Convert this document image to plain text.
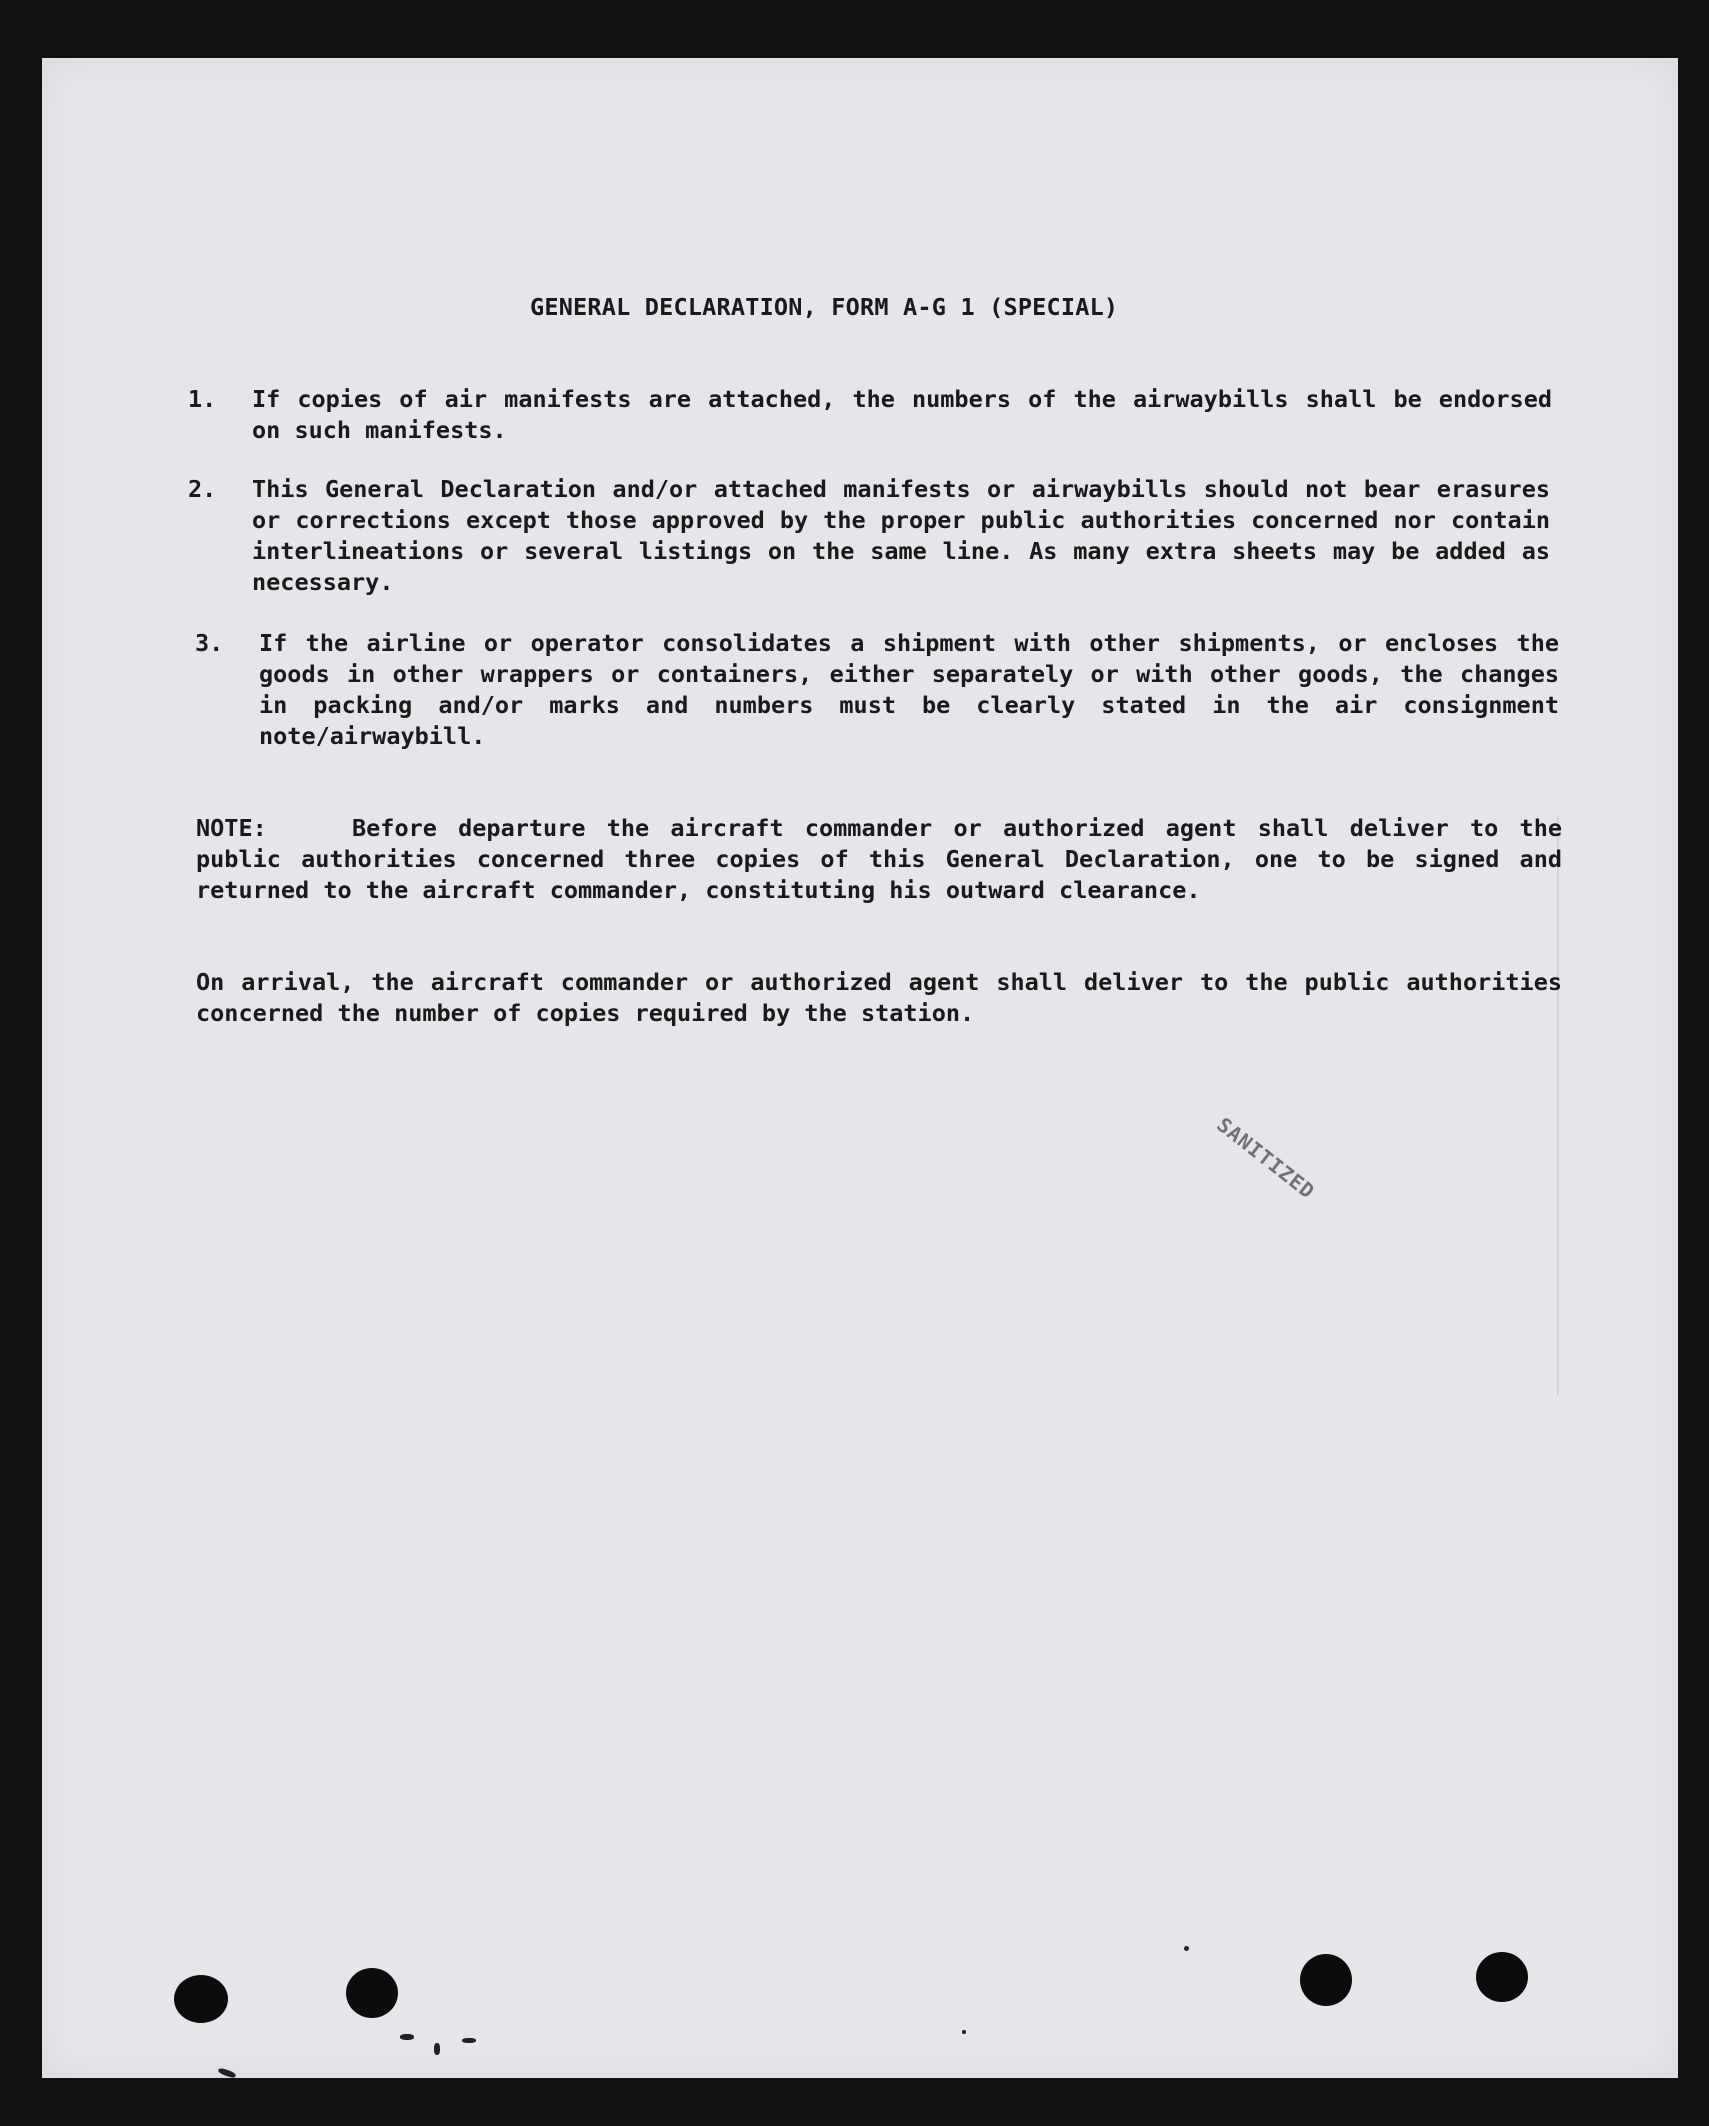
GENERAL DECLARATION, FORM A-G 1 (SPECIAL)
1.	If copies of air manifests are attached, the numbers of the airwaybills shall be endorsed on such manifests.
2.	This General Declaration and/or attached manifests or airwaybills should not bear erasures or corrections except those approved by the proper public authorities concerned nor contain interlineations or several listings on the same line. As many extra sheets may be added as necessary.
3.	If the airline or operator consolidates a shipment with other shipments, or encloses the goods in other wrappers or containers, either separately or with other goods, the changes in packing and/or marks and numbers must be clearly stated in the air consignment note/airwaybill.
NOTE:	Before departure the aircraft commander or authorized agent shall deliver to the public authorities concerned three copies of this General Declaration, one to be signed and returned to the aircraft commander, constituting his outward clearance.
On arrival, the aircraft commander or authorized agent shall deliver to the public authorities concerned the number of copies required by the station.
SANITIZED
